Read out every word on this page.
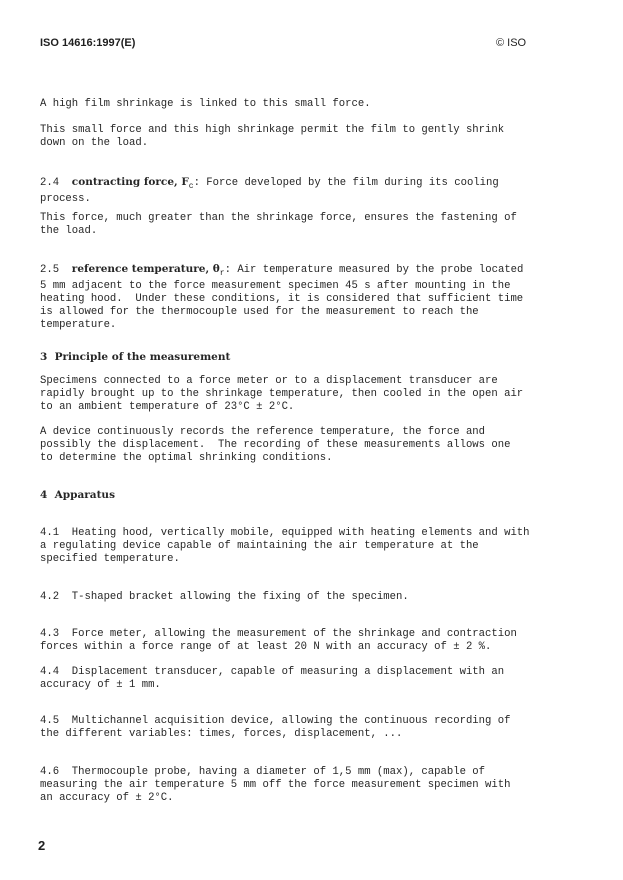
ISO 14616:1997(E)	© ISO

A high film shrinkage is linked to this small force.

This small force and this high shrinkage permit the film to gently shrink
down on the load.

2.4 contracting force, $F_c$: Force developed by the film during its cooling
process.

This force, much greater than the shrinkage force, ensures the fastening of
the load.

2.5 reference temperature, $\theta_r$: Air temperature measured by the probe located
5 mm adjacent to the force measurement specimen 45 s after mounting in the
heating hood.  Under these conditions, it is considered that sufficient time
is allowed for the thermocouple used for the measurement to reach the
temperature.

3  Principle of the measurement

Specimens connected to a force meter or to a displacement transducer are
rapidly brought up to the shrinkage temperature, then cooled in the open air
to an ambient temperature of 23°C ± 2°C.

A device continuously records the reference temperature, the force and
possibly the displacement.  The recording of these measurements allows one
to determine the optimal shrinking conditions.

4  Apparatus

4.1  Heating hood, vertically mobile, equipped with heating elements and with
a regulating device capable of maintaining the air temperature at the
specified temperature.

4.2  T-shaped bracket allowing the fixing of the specimen.

4.3  Force meter, allowing the measurement of the shrinkage and contraction
forces within a force range of at least 20 N with an accuracy of ± 2 %.

4.4  Displacement transducer, capable of measuring a displacement with an
accuracy of ± 1 mm.

4.5  Multichannel acquisition device, allowing the continuous recording of
the different variables: times, forces, displacement, ...

4.6  Thermocouple probe, having a diameter of 1,5 mm (max), capable of
measuring the air temperature 5 mm off the force measurement specimen with
an accuracy of ± 2°C.

2
